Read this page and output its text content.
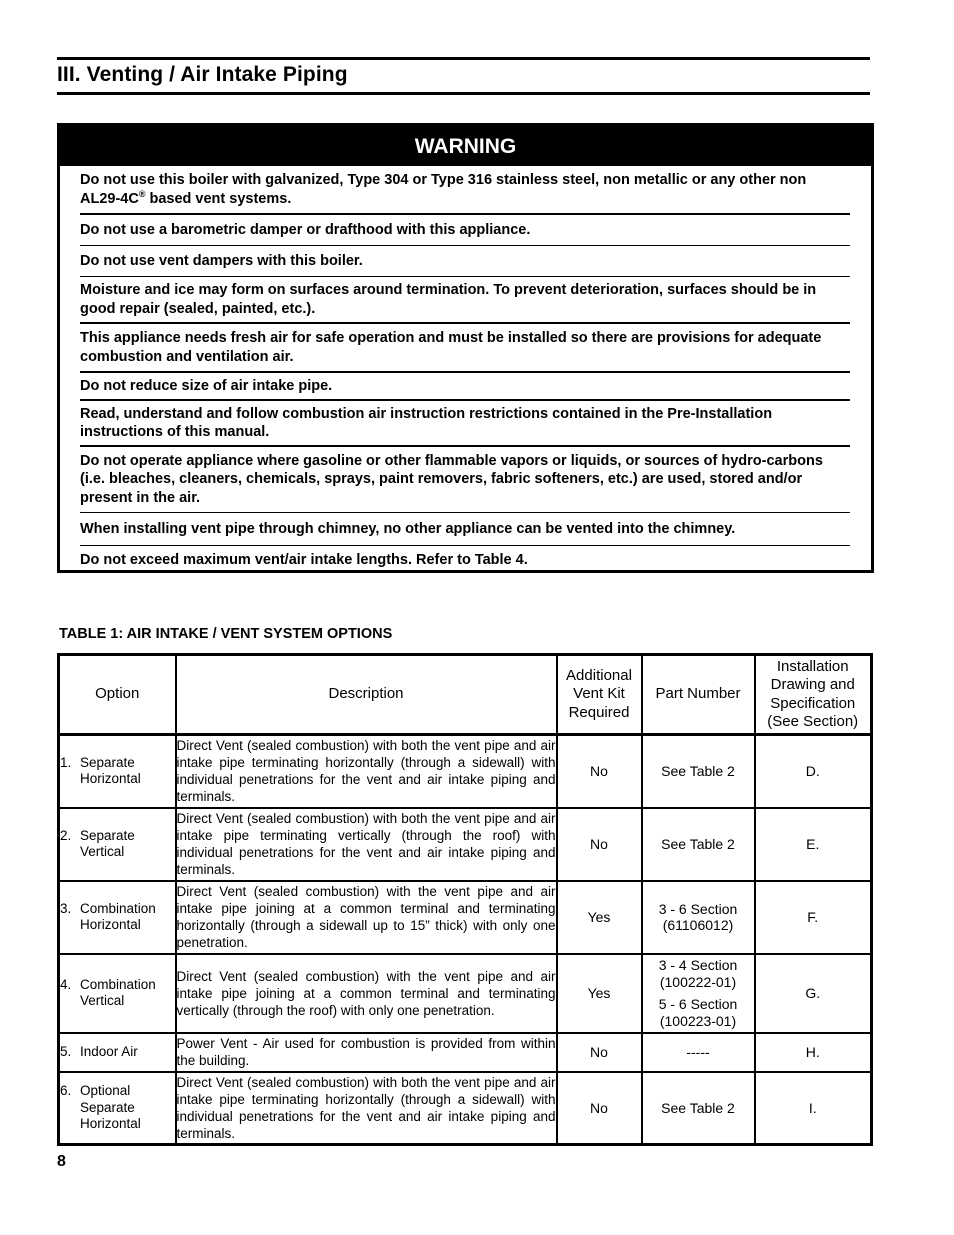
III. Venting / Air Intake Piping
WARNING
Do not use this boiler with galvanized, Type 304 or Type 316 stainless steel, non metallic or any other non AL29-4C® based vent systems.
Do not use a barometric damper or drafthood with this appliance.
Do not use vent dampers with this boiler.
Moisture and ice may form on surfaces around termination. To prevent deterioration, surfaces should be in good repair (sealed, painted, etc.).
This appliance needs fresh air for safe operation and must be installed so there are provisions for adequate combustion and ventilation air.
Do not reduce size of air intake pipe.
Read, understand and follow combustion air instruction restrictions contained in the Pre-Installation instructions of this manual.
Do not operate appliance where gasoline or other flammable vapors or liquids, or sources of hydro-carbons (i.e. bleaches, cleaners, chemicals, sprays, paint removers, fabric softeners, etc.) are used, stored and/or present in the air.
When installing vent pipe through chimney, no other appliance can be vented into the chimney.
Do not exceed maximum vent/air intake lengths. Refer to Table 4.
TABLE 1: AIR INTAKE / VENT SYSTEM OPTIONS
Option	Description	Additional Vent Kit Required	Part Number	Installation Drawing and Specification (See Section)

1. Separate Horizontal	Direct Vent (sealed combustion) with both the vent pipe and air intake pipe terminating horizontally (through a sidewall) with individual penetrations for the vent and air intake piping and terminals.	No	See Table 2	D.

2. Separate Vertical	Direct Vent (sealed combustion) with both the vent pipe and air intake pipe terminating vertically (through the roof) with individual penetrations for the vent and air intake piping and terminals.	No	See Table 2	E.

3. Combination Horizontal	Direct Vent (sealed combustion) with the vent pipe and air intake pipe joining at a common terminal and terminating horizontally (through a sidewall up to 15” thick) with only one penetration.	Yes	3 - 6 Section
(61106012)	F.

4. Combination Vertical	Direct Vent (sealed combustion) with the vent pipe and air intake pipe joining at a common terminal and terminating vertically (through the roof) with only one penetration.	Yes	3 - 4 Section
(100222-01)
5 - 6 Section
(100223-01)	G.

5. Indoor Air	Power Vent - Air used for combustion is provided from within the building.	No	-----	H.

6. Optional Separate Horizontal	Direct Vent (sealed combustion) with both the vent pipe and air intake pipe terminating horizontally (through a sidewall) with individual penetrations for the vent and air intake piping and terminals.	No	See Table 2	I.
8
